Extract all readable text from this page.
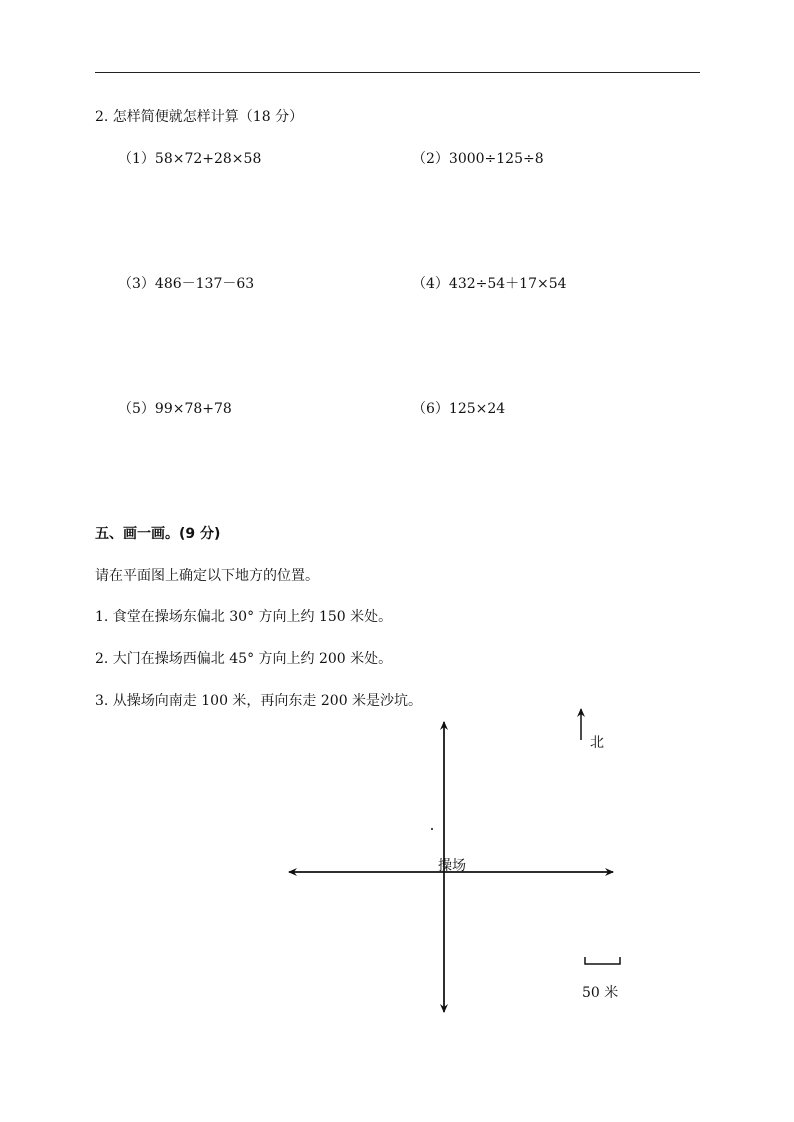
2. 怎样简便就怎样计算（18 分）
（1）58×72+28×58	（2）3000÷125÷8
（3）486－137－63	（4）432÷54＋17×54
（5）99×78+78	（6）125×24
五、画一画。(9 分)
请在平面图上确定以下地方的位置。
1. 食堂在操场东偏北 30° 方向上约 150 米处。
2. 大门在操场西偏北 45° 方向上约 200 米处。
3. 从操场向南走 100 米，再向东走 200 米是沙坑。
操场
北
50 米
